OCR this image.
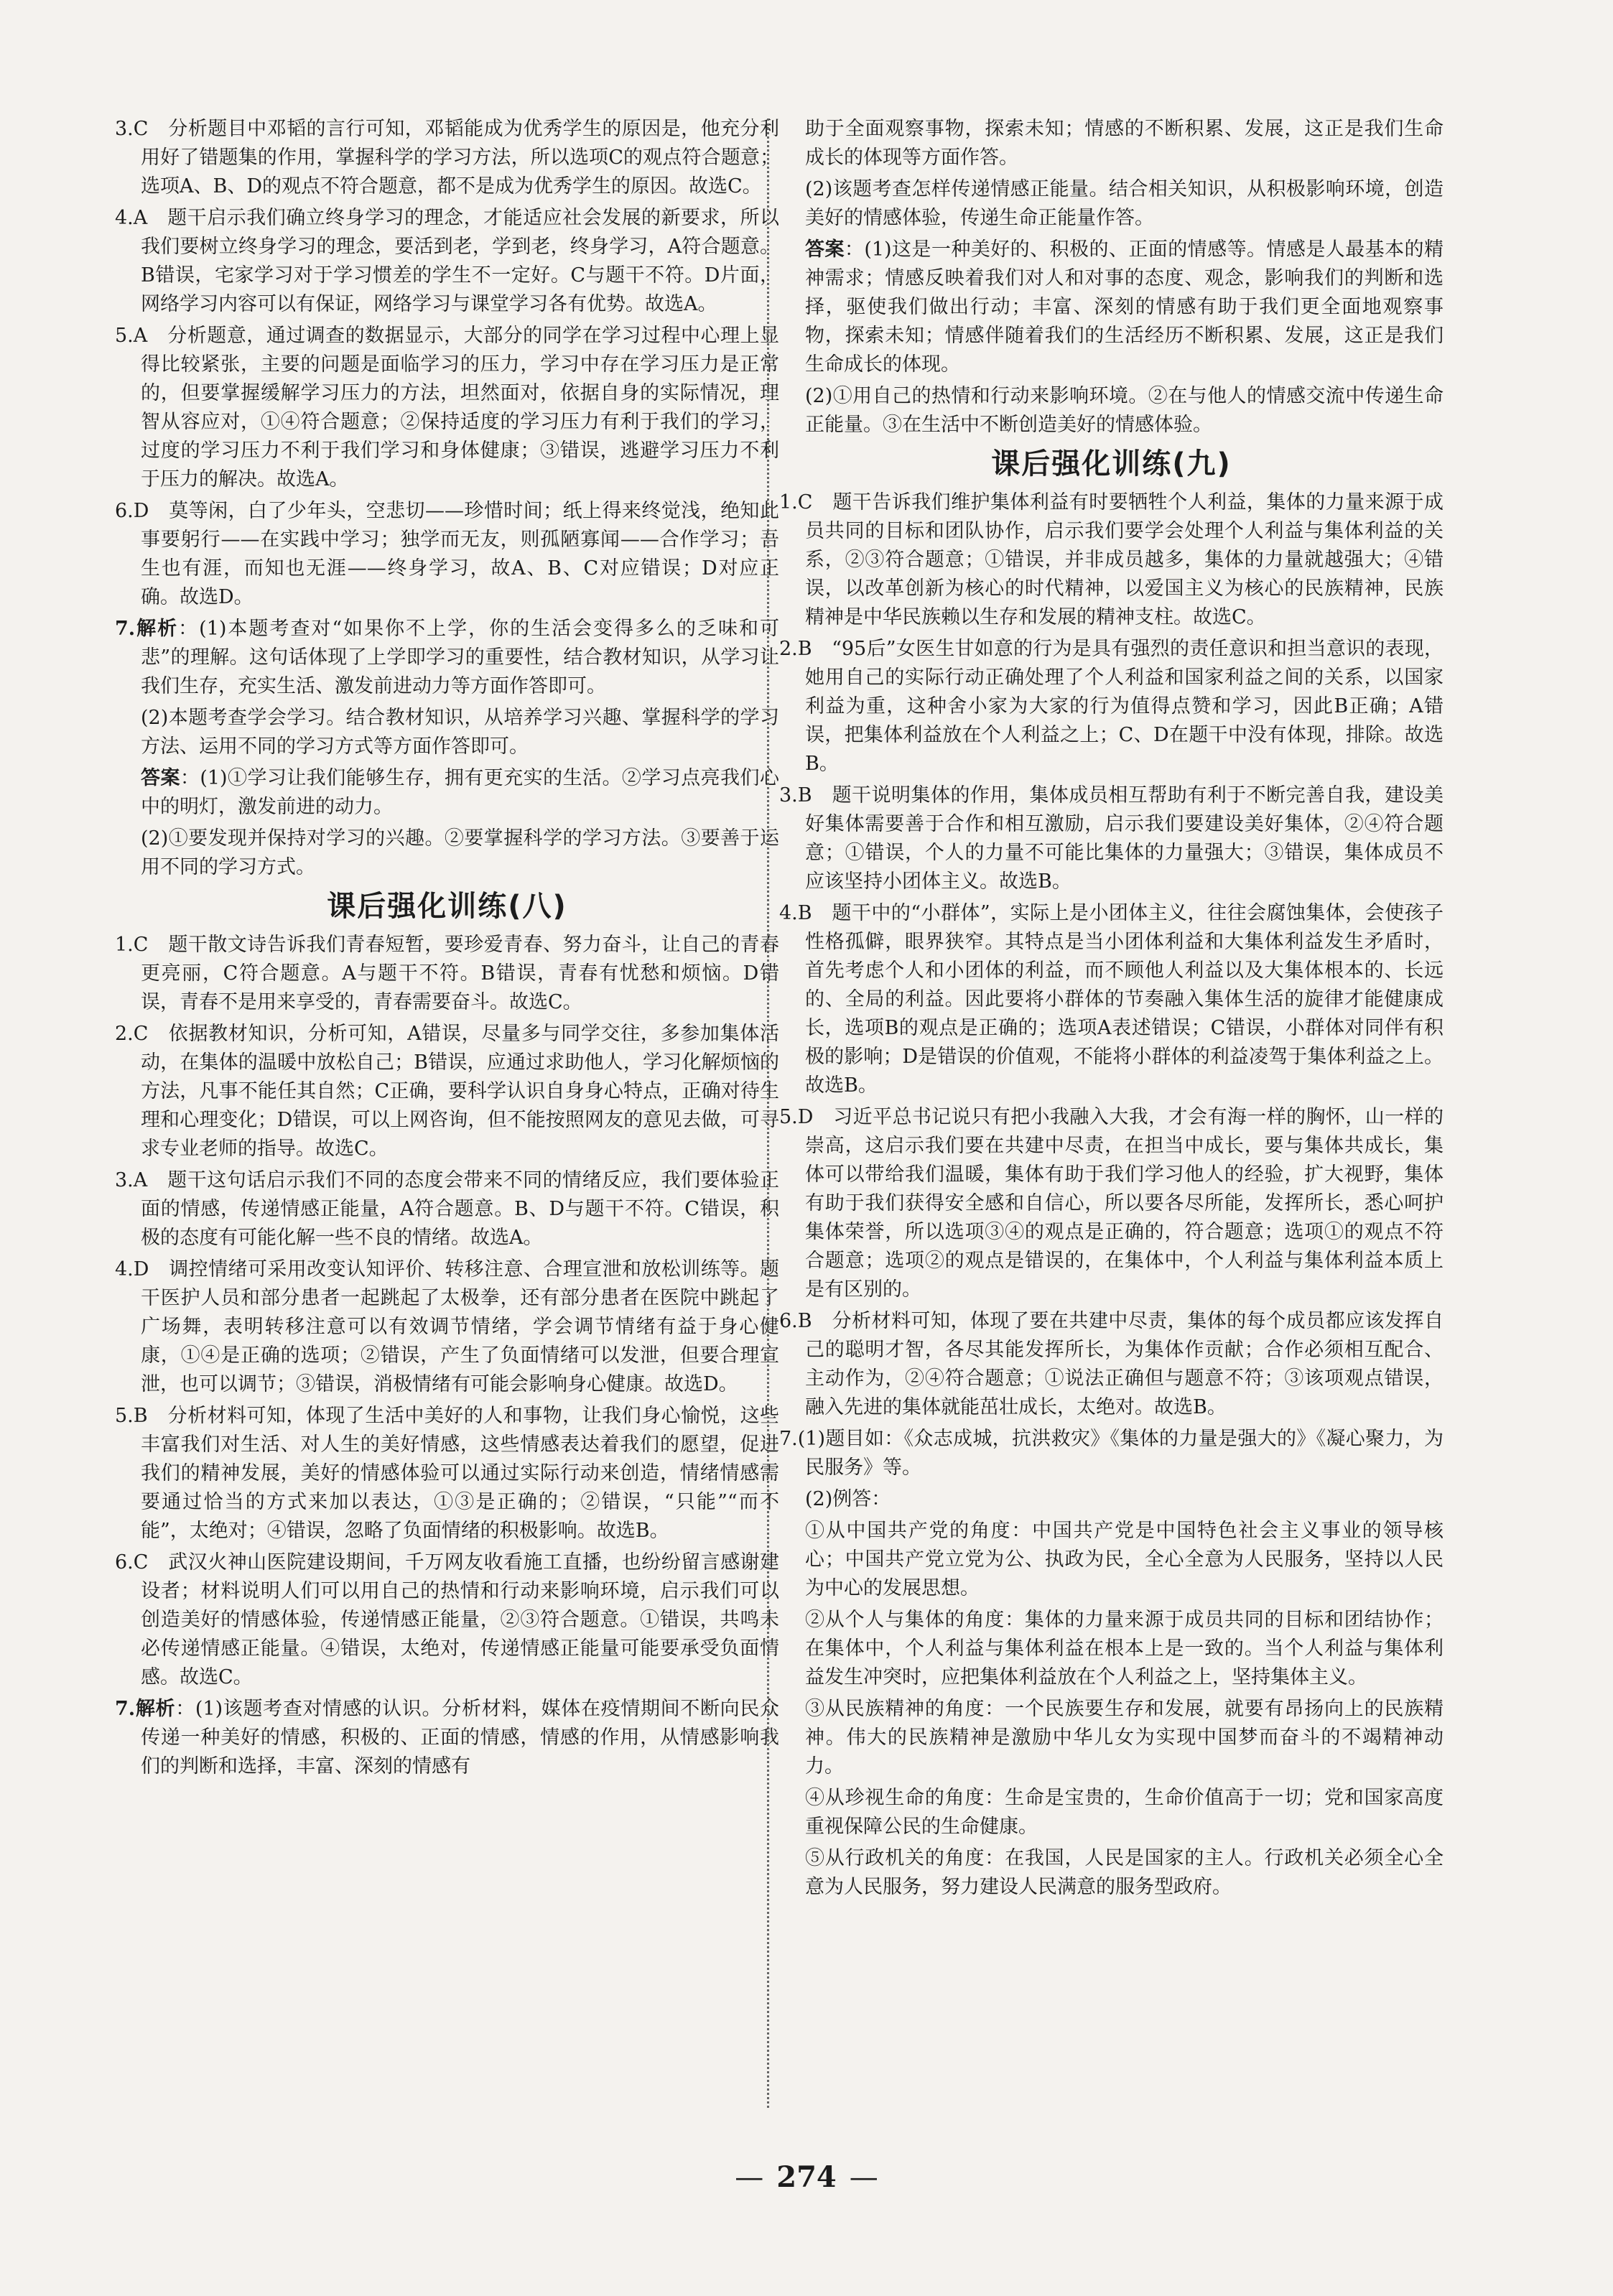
3.C　分析题目中邓韬的言行可知，邓韬能成为优秀学生的原因是，他充分利用好了错题集的作用，掌握科学的学习方法，所以选项C的观点符合题意；选项A、B、D的观点不符合题意，都不是成为优秀学生的原因。故选C。

4.A　题干启示我们确立终身学习的理念，才能适应社会发展的新要求，所以我们要树立终身学习的理念，要活到老，学到老，终身学习，A符合题意。B错误，宅家学习对于学习惯差的学生不一定好。C与题干不符。D片面，网络学习内容可以有保证，网络学习与课堂学习各有优势。故选A。

5.A　分析题意，通过调查的数据显示，大部分的同学在学习过程中心理上显得比较紧张，主要的问题是面临学习的压力，学习中存在学习压力是正常的，但要掌握缓解学习压力的方法，坦然面对，依据自身的实际情况，理智从容应对，①④符合题意；②保持适度的学习压力有利于我们的学习，过度的学习压力不利于我们学习和身体健康；③错误，逃避学习压力不利于压力的解决。故选A。

6.D　莫等闲，白了少年头，空悲切——珍惜时间；纸上得来终觉浅，绝知此事要躬行——在实践中学习；独学而无友，则孤陋寡闻——合作学习；吾生也有涯，而知也无涯——终身学习，故A、B、C对应错误；D对应正确。故选D。

7.解析：(1)本题考查对“如果你不上学，你的生活会变得多么的乏味和可悲”的理解。这句话体现了上学即学习的重要性，结合教材知识，从学习让我们生存，充实生活、激发前进动力等方面作答即可。

(2)本题考查学会学习。结合教材知识，从培养学习兴趣、掌握科学的学习方法、运用不同的学习方式等方面作答即可。

答案：(1)①学习让我们能够生存，拥有更充实的生活。②学习点亮我们心中的明灯，激发前进的动力。

(2)①要发现并保持对学习的兴趣。②要掌握科学的学习方法。③要善于运用不同的学习方式。

课后强化训练(八)

1.C　题干散文诗告诉我们青春短暂，要珍爱青春、努力奋斗，让自己的青春更亮丽，C符合题意。A与题干不符。B错误，青春有忧愁和烦恼。D错误，青春不是用来享受的，青春需要奋斗。故选C。

2.C　依据教材知识，分析可知，A错误，尽量多与同学交往，多参加集体活动，在集体的温暖中放松自己；B错误，应通过求助他人，学习化解烦恼的方法，凡事不能任其自然；C正确，要科学认识自身身心特点，正确对待生理和心理变化；D错误，可以上网咨询，但不能按照网友的意见去做，可寻求专业老师的指导。故选C。

3.A　题干这句话启示我们不同的态度会带来不同的情绪反应，我们要体验正面的情感，传递情感正能量，A符合题意。B、D与题干不符。C错误，积极的态度有可能化解一些不良的情绪。故选A。

4.D　调控情绪可采用改变认知评价、转移注意、合理宣泄和放松训练等。题干医护人员和部分患者一起跳起了太极拳，还有部分患者在医院中跳起了广场舞，表明转移注意可以有效调节情绪，学会调节情绪有益于身心健康，①④是正确的选项；②错误，产生了负面情绪可以发泄，但要合理宣泄，也可以调节；③错误，消极情绪有可能会影响身心健康。故选D。

5.B　分析材料可知，体现了生活中美好的人和事物，让我们身心愉悦，这些丰富我们对生活、对人生的美好情感，这些情感表达着我们的愿望，促进我们的精神发展，美好的情感体验可以通过实际行动来创造，情绪情感需要通过恰当的方式来加以表达，①③是正确的；②错误，“只能”“而不能”，太绝对；④错误，忽略了负面情绪的积极影响。故选B。

6.C　武汉火神山医院建设期间，千万网友收看施工直播，也纷纷留言感谢建设者；材料说明人们可以用自己的热情和行动来影响环境，启示我们可以创造美好的情感体验，传递情感正能量，②③符合题意。①错误，共鸣未必传递情感正能量。④错误，太绝对，传递情感正能量可能要承受负面情感。故选C。

7.解析：(1)该题考查对情感的认识。分析材料，媒体在疫情期间不断向民众传递一种美好的情感，积极的、正面的情感，情感的作用，从情感影响我们的判断和选择，丰富、深刻的情感有

助于全面观察事物，探索未知；情感的不断积累、发展，这正是我们生命成长的体现等方面作答。

(2)该题考查怎样传递情感正能量。结合相关知识，从积极影响环境，创造美好的情感体验，传递生命正能量作答。

答案：(1)这是一种美好的、积极的、正面的情感等。情感是人最基本的精神需求；情感反映着我们对人和对事的态度、观念，影响我们的判断和选择，驱使我们做出行动；丰富、深刻的情感有助于我们更全面地观察事物，探索未知；情感伴随着我们的生活经历不断积累、发展，这正是我们生命成长的体现。

(2)①用自己的热情和行动来影响环境。②在与他人的情感交流中传递生命正能量。③在生活中不断创造美好的情感体验。

课后强化训练(九)

1.C　题干告诉我们维护集体利益有时要牺牲个人利益，集体的力量来源于成员共同的目标和团队协作，启示我们要学会处理个人利益与集体利益的关系，②③符合题意；①错误，并非成员越多，集体的力量就越强大；④错误，以改革创新为核心的时代精神，以爱国主义为核心的民族精神，民族精神是中华民族赖以生存和发展的精神支柱。故选C。

2.B　“95后”女医生甘如意的行为是具有强烈的责任意识和担当意识的表现，她用自己的实际行动正确处理了个人利益和国家利益之间的关系，以国家利益为重，这种舍小家为大家的行为值得点赞和学习，因此B正确；A错误，把集体利益放在个人利益之上；C、D在题干中没有体现，排除。故选B。

3.B　题干说明集体的作用，集体成员相互帮助有利于不断完善自我，建设美好集体需要善于合作和相互激励，启示我们要建设美好集体，②④符合题意；①错误，个人的力量不可能比集体的力量强大；③错误，集体成员不应该坚持小团体主义。故选B。

4.B　题干中的“小群体”，实际上是小团体主义，往往会腐蚀集体，会使孩子性格孤僻，眼界狭窄。其特点是当小团体利益和大集体利益发生矛盾时，首先考虑个人和小团体的利益，而不顾他人利益以及大集体根本的、长远的、全局的利益。因此要将小群体的节奏融入集体生活的旋律才能健康成长，选项B的观点是正确的；选项A表述错误；C错误，小群体对同伴有积极的影响；D是错误的价值观，不能将小群体的利益凌驾于集体利益之上。故选B。

5.D　习近平总书记说只有把小我融入大我，才会有海一样的胸怀，山一样的崇高，这启示我们要在共建中尽责，在担当中成长，要与集体共成长，集体可以带给我们温暖，集体有助于我们学习他人的经验，扩大视野，集体有助于我们获得安全感和自信心，所以要各尽所能，发挥所长，悉心呵护集体荣誉，所以选项③④的观点是正确的，符合题意；选项①的观点不符合题意；选项②的观点是错误的，在集体中，个人利益与集体利益本质上是有区别的。

6.B　分析材料可知，体现了要在共建中尽责，集体的每个成员都应该发挥自己的聪明才智，各尽其能发挥所长，为集体作贡献；合作必须相互配合、主动作为，②④符合题意；①说法正确但与题意不符；③该项观点错误，融入先进的集体就能茁壮成长，太绝对。故选B。

7.(1)题目如：《众志成城，抗洪救灾》《集体的力量是强大的》《凝心聚力，为民服务》等。

(2)例答：

①从中国共产党的角度：中国共产党是中国特色社会主义事业的领导核心；中国共产党立党为公、执政为民，全心全意为人民服务，坚持以人民为中心的发展思想。

②从个人与集体的角度：集体的力量来源于成员共同的目标和团结协作；在集体中，个人利益与集体利益在根本上是一致的。当个人利益与集体利益发生冲突时，应把集体利益放在个人利益之上，坚持集体主义。

③从民族精神的角度：一个民族要生存和发展，就要有昂扬向上的民族精神。伟大的民族精神是激励中华儿女为实现中国梦而奋斗的不竭精神动力。

④从珍视生命的角度：生命是宝贵的，生命价值高于一切；党和国家高度重视保障公民的生命健康。

⑤从行政机关的角度：在我国，人民是国家的主人。行政机关必须全心全意为人民服务，努力建设人民满意的服务型政府。

— 274 —
